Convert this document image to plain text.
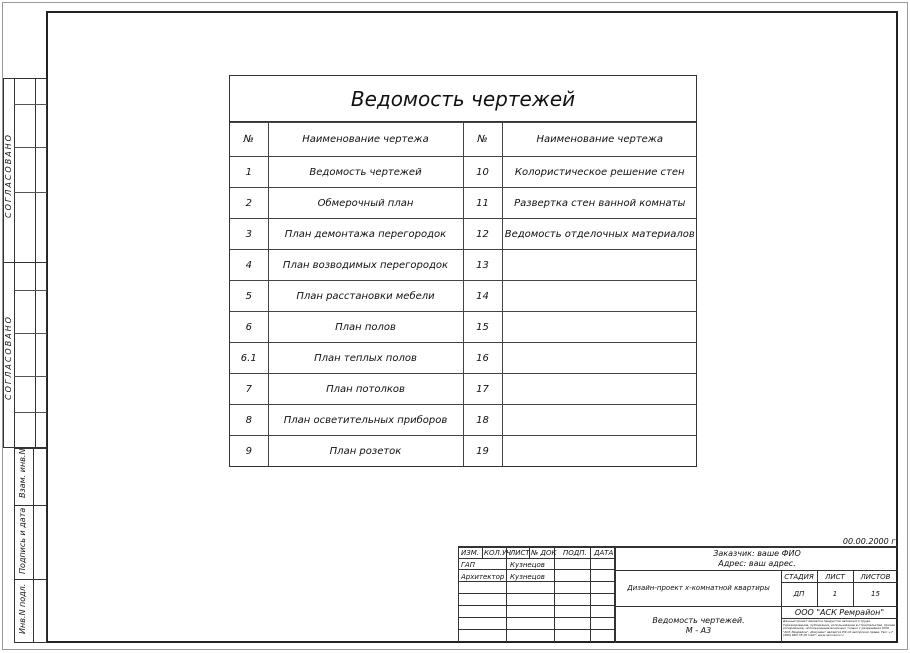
СОГЛАСОВАНО
СОГЛАСОВАНО
Взам. инв.N
Подпись и дата
Инв.N подл.
Ведомость чертежей
№	Наименование чертежа	№	Наименование чертежа
1	Ведомость чертежей	10	Колористическое решение стен
2	Обмерочный план	11	Развертка стен ванной комнаты
3	План демонтажа перегородок	12	Ведомость отделочных материалов
4	План возводимых перегородок	13	
5	План расстановки мебели	14	
6	План полов	15	
6.1	План теплых полов	16	
7	План потолков	17	
8	План осветительных приборов	18	
9	План розеток	19	
00.00.2000 г.
ИЗМ. КОЛ.УЧ
ЛИСТ № ДОК ПОДП. ДАТА
ГАП	Кузнецов
Архитектор Кузнецов
Заказчик: ваше ФИО
Адрес: ваш адрес.
Дизайн-проект х-комнатной квартиры
СТАДИЯ	ЛИСТ	ЛИСТОВ
ДП	1	15
Ведомость чертежей.
М - А3
ООО "АСК Ремрайон"
Данный проект является продуктом авторского труда. Тиражирование, публикация, использование в строительстве, прочее копирование, использование возможно только с разрешения ООО "АСК Ремрайон". Документ является РФ об авторском праве. Тел: +7 (495) 663 35 00 Сайт: www.remraion.ru
